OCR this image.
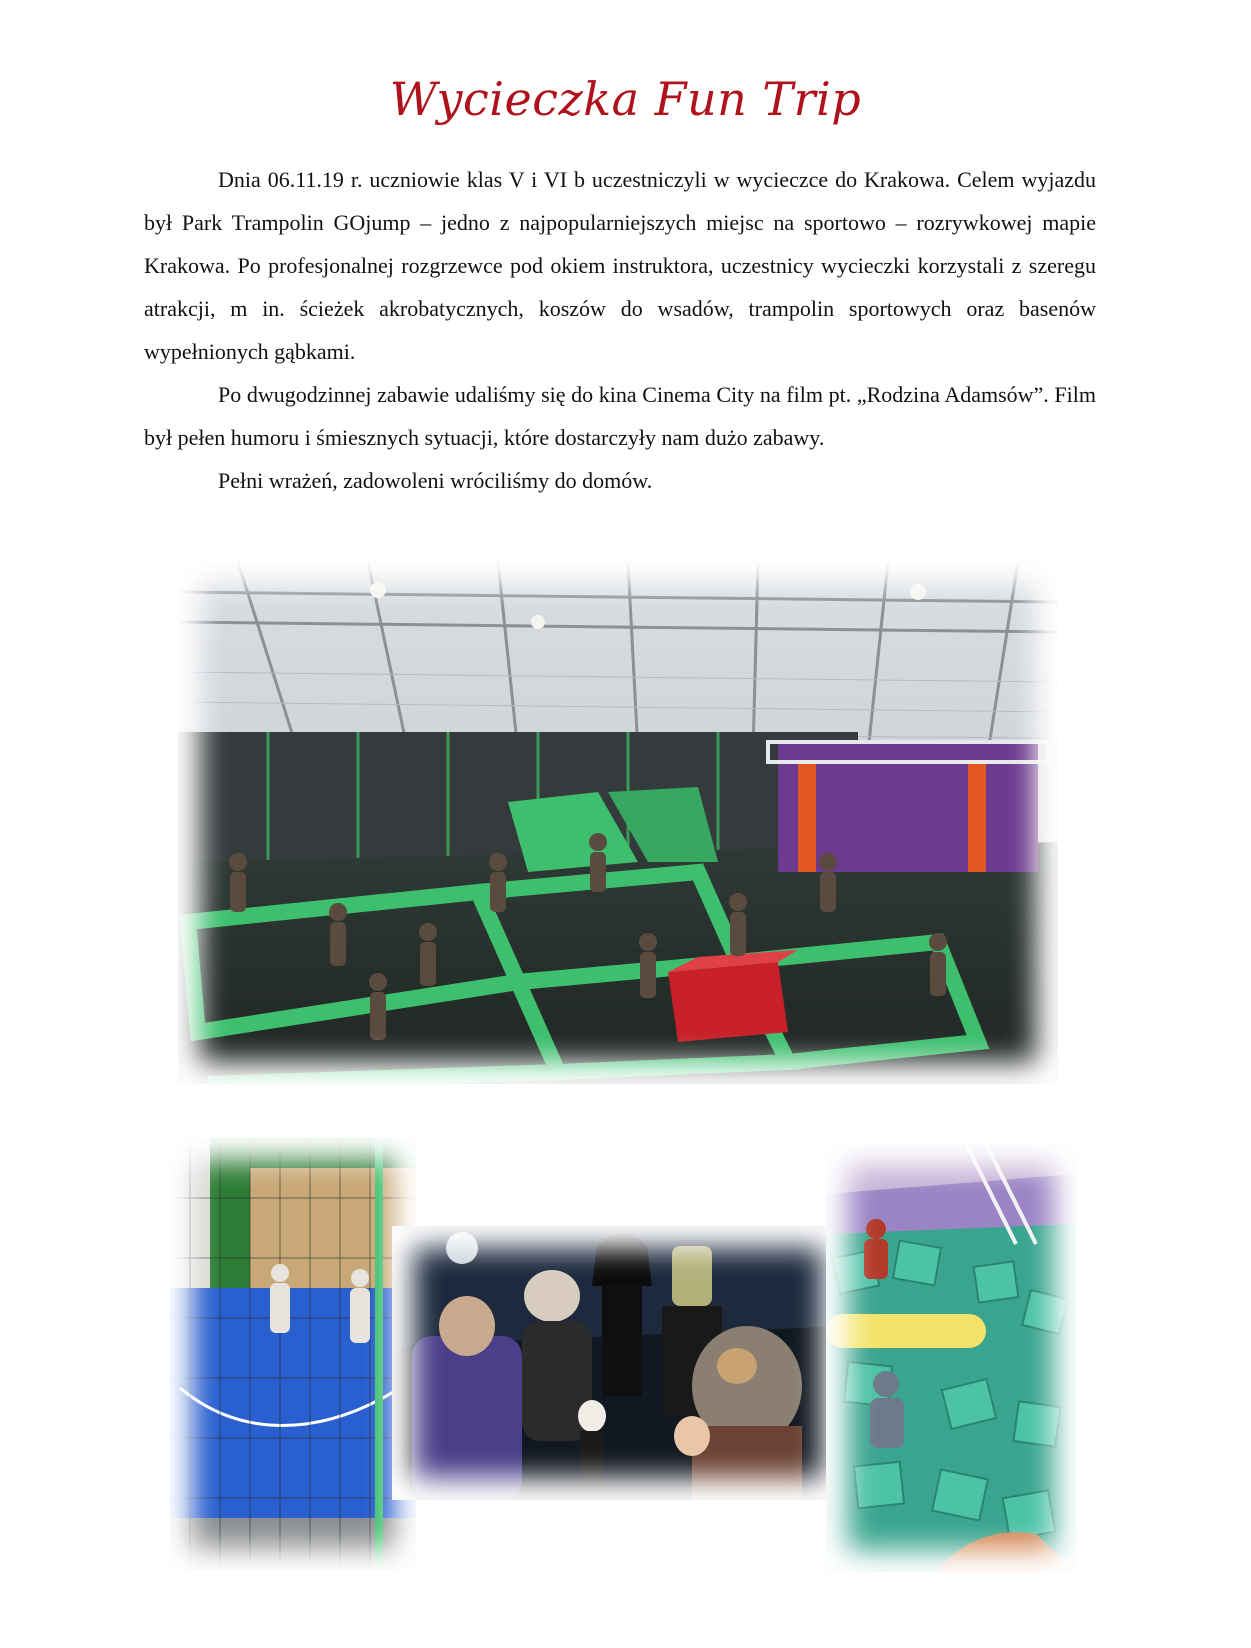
Wycieczka Fun Trip

Dnia 06.11.19 r. uczniowie klas V i VI b uczestniczyli w wycieczce do Krakowa. Celem wyjazdu był Park Trampolin GOjump – jedno z najpopularniejszych miejsc na sportowo – rozrywkowej mapie Krakowa. Po profesjonalnej rozgrzewce pod okiem instruktora, uczestnicy wycieczki korzystali z szeregu atrakcji, m in. ścieżek akrobatycznych, koszów do wsadów, trampolin sportowych oraz basenów wypełnionych gąbkami.

Po dwugodzinnej zabawie udaliśmy się do kina Cinema City na film pt. „Rodzina Adamsów”. Film był pełen humoru i śmiesznych sytuacji, które dostarczyły nam dużo zabawy.

Pełni wrażeń, zadowoleni wróciliśmy do domów.
